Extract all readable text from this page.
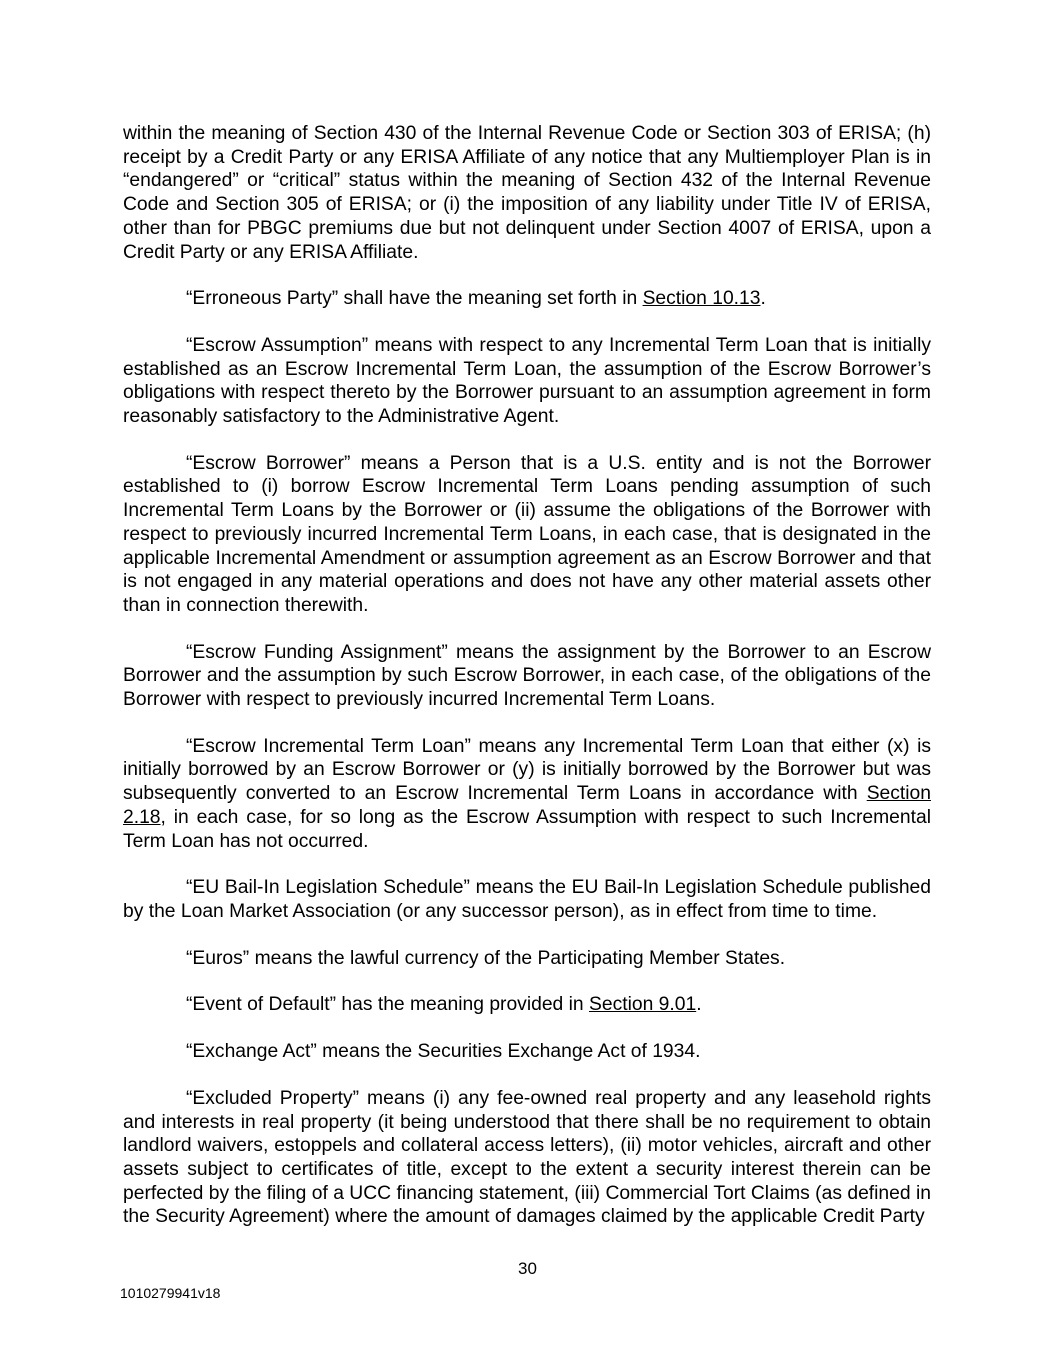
within the meaning of Section 430 of the Internal Revenue Code or Section 303 of ERISA; (h) receipt by a Credit Party or any ERISA Affiliate of any notice that any Multiemployer Plan is in “endangered” or “critical” status within the meaning of Section 432 of the Internal Revenue Code and Section 305 of ERISA; or (i) the imposition of any liability under Title IV of ERISA, other than for PBGC premiums due but not delinquent under Section 4007 of ERISA, upon a Credit Party or any ERISA Affiliate.

“Erroneous Party” shall have the meaning set forth in Section 10.13.

“Escrow Assumption” means with respect to any Incremental Term Loan that is initially established as an Escrow Incremental Term Loan, the assumption of the Escrow Borrower’s obligations with respect thereto by the Borrower pursuant to an assumption agreement in form reasonably satisfactory to the Administrative Agent.

“Escrow Borrower” means a Person that is a U.S. entity and is not the Borrower established to (i) borrow Escrow Incremental Term Loans pending assumption of such Incremental Term Loans by the Borrower or (ii) assume the obligations of the Borrower with respect to previously incurred Incremental Term Loans, in each case, that is designated in the applicable Incremental Amendment or assumption agreement as an Escrow Borrower and that is not engaged in any material operations and does not have any other material assets other than in connection therewith.

“Escrow Funding Assignment” means the assignment by the Borrower to an Escrow Borrower and the assumption by such Escrow Borrower, in each case, of the obligations of the Borrower with respect to previously incurred Incremental Term Loans.

“Escrow Incremental Term Loan” means any Incremental Term Loan that either (x) is initially borrowed by an Escrow Borrower or (y) is initially borrowed by the Borrower but was subsequently converted to an Escrow Incremental Term Loans in accordance with Section 2.18, in each case, for so long as the Escrow Assumption with respect to such Incremental Term Loan has not occurred.

“EU Bail-In Legislation Schedule” means the EU Bail-In Legislation Schedule published by the Loan Market Association (or any successor person), as in effect from time to time.

“Euros” means the lawful currency of the Participating Member States.

“Event of Default” has the meaning provided in Section 9.01.

“Exchange Act” means the Securities Exchange Act of 1934.

“Excluded Property” means (i) any fee-owned real property and any leasehold rights and interests in real property (it being understood that there shall be no requirement to obtain landlord waivers, estoppels and collateral access letters), (ii) motor vehicles, aircraft and other assets subject to certificates of title, except to the extent a security interest therein can be perfected by the filing of a UCC financing statement, (iii) Commercial Tort Claims (as defined in the Security Agreement) where the amount of damages claimed by the applicable Credit Party

30
1010279941v18
